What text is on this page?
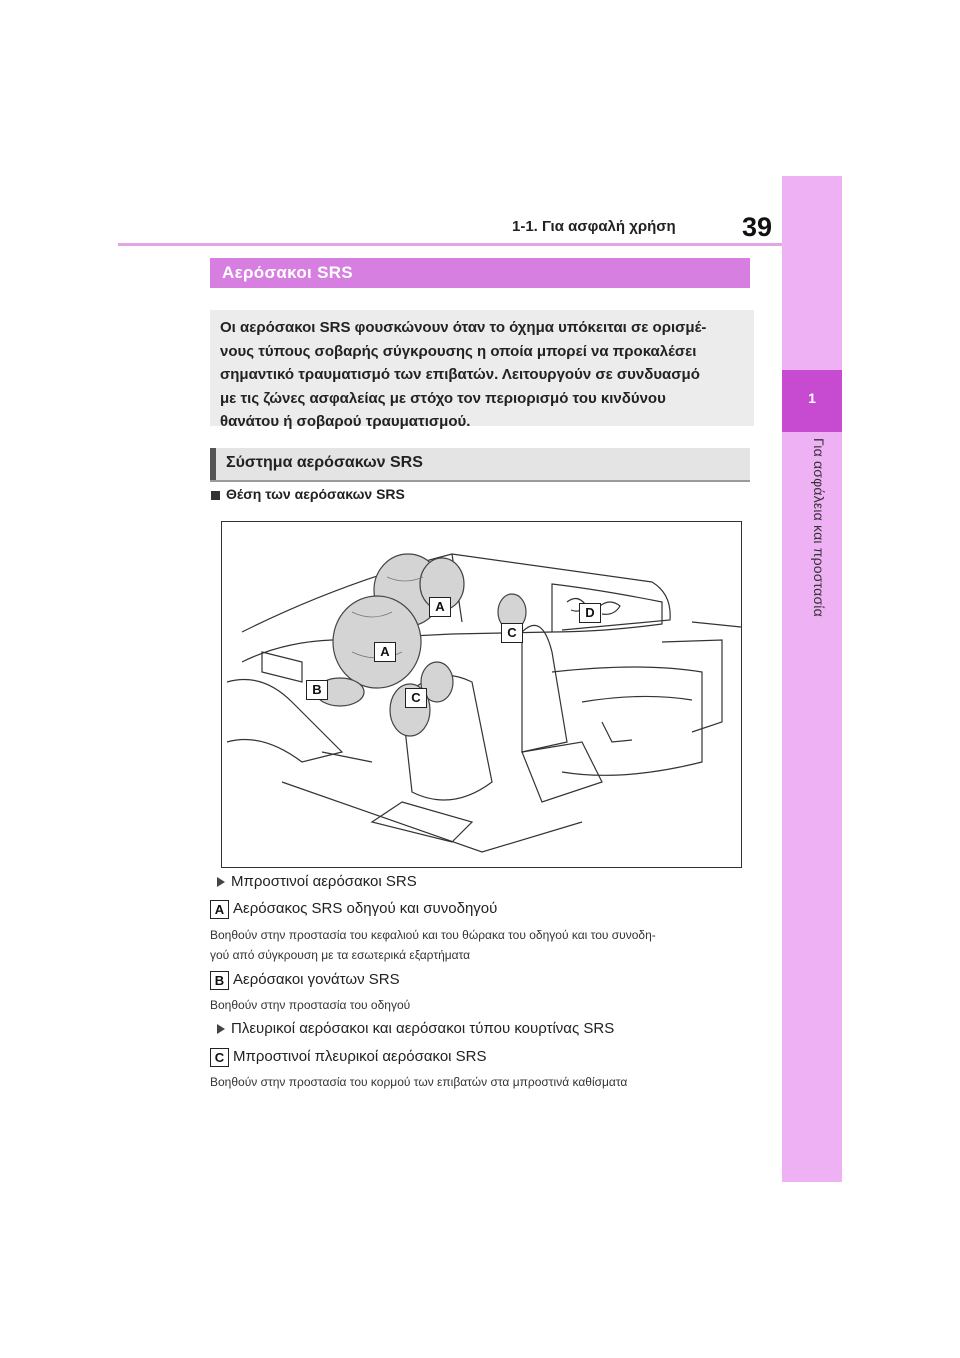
1-1. Για ασφαλή χρήση 39
1
Για ασφάλεια και προστασία
Αερόσακοι SRS
Οι αερόσακοι SRS φουσκώνουν όταν το όχημα υπόκειται σε ορισμέ-
νους τύπους σοβαρής σύγκρουσης η οποία μπορεί να προκαλέσει
σημαντικό τραυματισμό των επιβατών. Λειτουργούν σε συνδυασμό
με τις ζώνες ασφαλείας με στόχο τον περιορισμό του κινδύνου
θανάτου ή σοβαρού τραυματισμού.
Σύστημα αερόσακων SRS
Θέση των αερόσακων SRS
A
A
B
C
C
D
Μπροστινοί αερόσακοι SRS
A Αερόσακος SRS οδηγού και συνοδηγού
Βοηθούν στην προστασία του κεφαλιού και του θώρακα του οδηγού και του συνοδη-
γού από σύγκρουση με τα εσωτερικά εξαρτήματα
B Αερόσακοι γονάτων SRS
Βοηθούν στην προστασία του οδηγού
Πλευρικοί αερόσακοι και αερόσακοι τύπου κουρτίνας SRS
C Μπροστινοί πλευρικοί αερόσακοι SRS
Βοηθούν στην προστασία του κορμού των επιβατών στα μπροστινά καθίσματα
